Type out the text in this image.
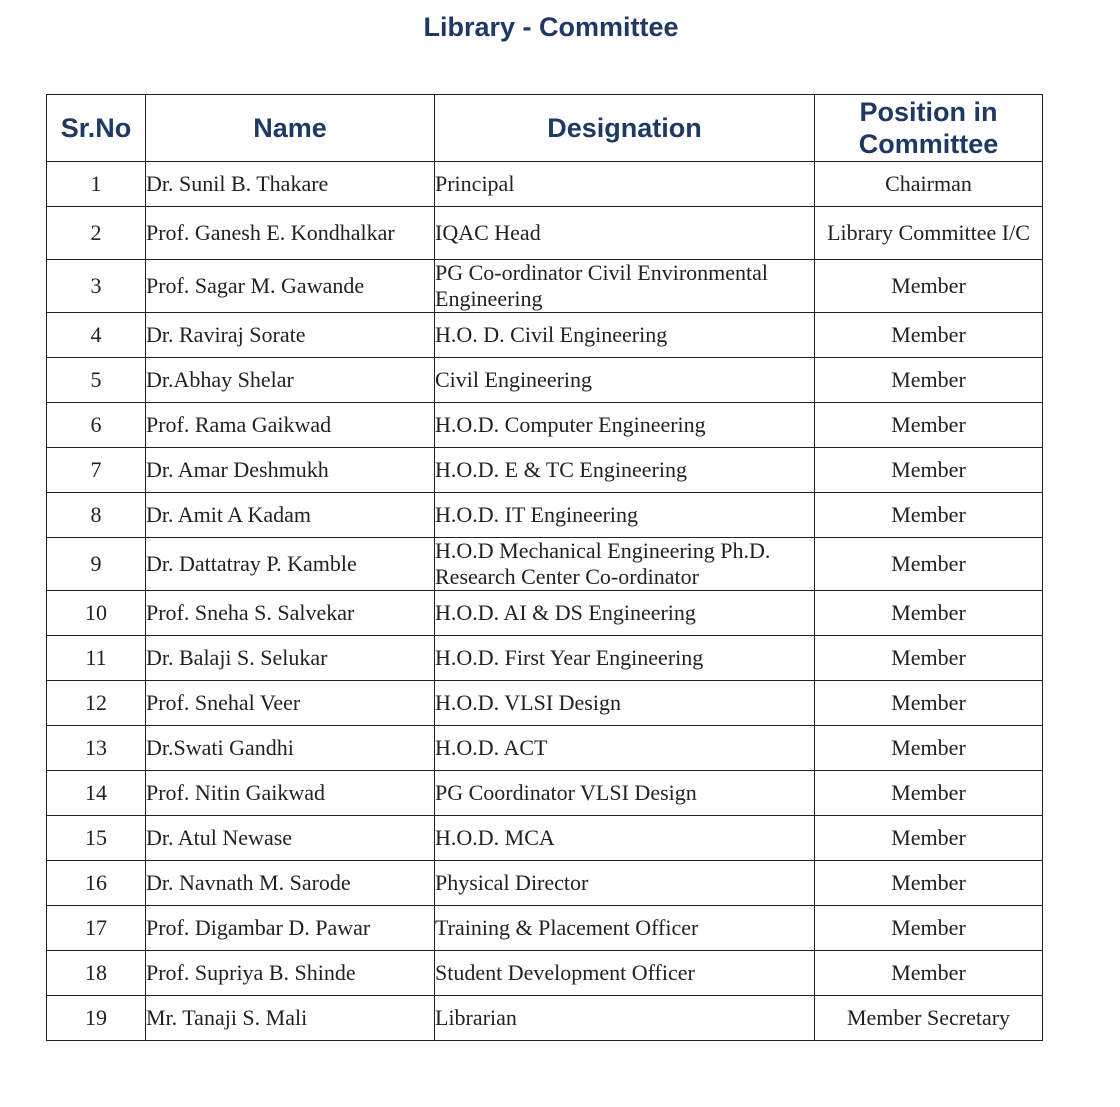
Library - Committee
Sr.No	Name	Designation	Position in Committee
1	Dr. Sunil B. Thakare	Principal	Chairman
2	Prof. Ganesh E. Kondhalkar	IQAC Head	Library Committee I/C
3	Prof. Sagar M. Gawande	PG Co-ordinator Civil Environmental Engineering	Member
4	Dr. Raviraj Sorate	H.O. D. Civil Engineering	Member
5	Dr.Abhay Shelar	Civil Engineering	Member
6	Prof. Rama Gaikwad	H.O.D. Computer Engineering	Member
7	Dr. Amar Deshmukh	H.O.D. E & TC Engineering	Member
8	Dr. Amit A Kadam	H.O.D. IT Engineering	Member
9	Dr. Dattatray P. Kamble	H.O.D Mechanical Engineering Ph.D. Research Center Co-ordinator	Member
10	Prof. Sneha S. Salvekar	H.O.D. AI & DS Engineering	Member
11	Dr. Balaji S. Selukar	H.O.D. First Year Engineering	Member
12	Prof. Snehal Veer	H.O.D. VLSI Design	Member
13	Dr.Swati Gandhi	H.O.D. ACT	Member
14	Prof. Nitin Gaikwad	PG Coordinator VLSI Design	Member
15	Dr. Atul Newase	H.O.D. MCA	Member
16	Dr. Navnath M. Sarode	Physical Director	Member
17	Prof. Digambar D. Pawar	Training & Placement Officer	Member
18	Prof. Supriya B. Shinde	Student Development Officer	Member
19	Mr. Tanaji S. Mali	Librarian	Member Secretary
